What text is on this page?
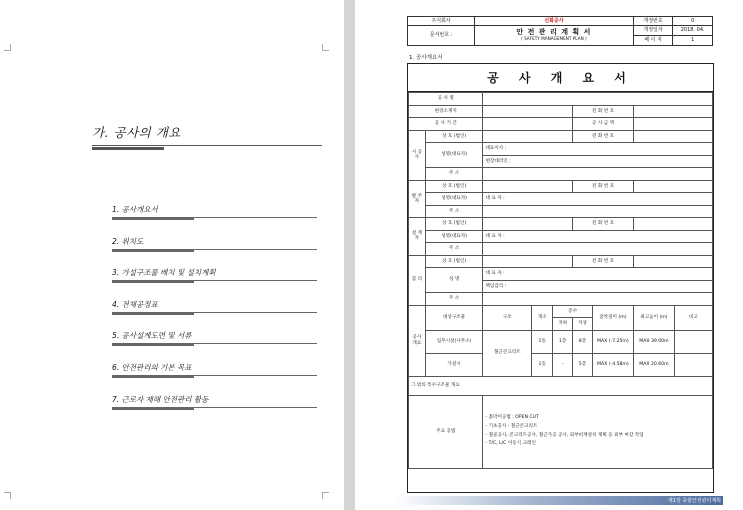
가. 공사의 개요
1. 공사개요서
2. 위치도
3. 가설구조물 배치 및 설치계획
4. 전체공정표
5. 공사설계도면 및 서류
6. 안전관리의 기본 목표
7. 근로자 재해 안전관리 활동
주식회사	신화공사	개정번호	0
문서번호 :	안 전 관 리 계 획 서
( SAFETY MANAGEMENT PLAN )	개정일자	2018. 04.
		페 이 지	1
1. 공사개요서
공 사 개 요 서
공 사 명								
현장소재지					전 화 번 호			
공 사 기 간					공 사 금 액			
시 공 사	상 호 (법인)				전 화 번 호			
	성명(대표자)	대표이사 :						
		현장대리인 :						
	주 소							
발 주 자	상 호 (법인)				전 화 번 호			
	성명(대표자)	대 표 자 :						
	주 소							
설 계 자	상 호 (법인)				전 화 번 호			
	성명(대표자)	대 표 자 :						
	주 소							
감 리	상 호 (법인)				전 화 번 호			
	성 명	대 표 자 :						
		책임감리 :						
	주 소							
공사 개요	대상구조물	구조	개소	층수		굴착깊이 (m)	최고높이 (m)	비고
				지하	지상			
	업무시설(사무소)	철근콘크리트	1동	1층	8층	MAX (-7.25m)	MAX 39.00m	
	가설시		1동	-	5층	MAX (-4.58m)	MAX 20.60m	
그 밖의 특수구조물 개요								
주요 공법		- 흙막이공법 : OPEN CUT
- 기초공사 : 철근콘크리트
- 철골공사, 콘크리트공사, 철근가공 공사, 외부비계설치 계획 등 외부 마감 작업
- T/C, L/C 이동식 크레인						
제1장 종합안전관리계획
